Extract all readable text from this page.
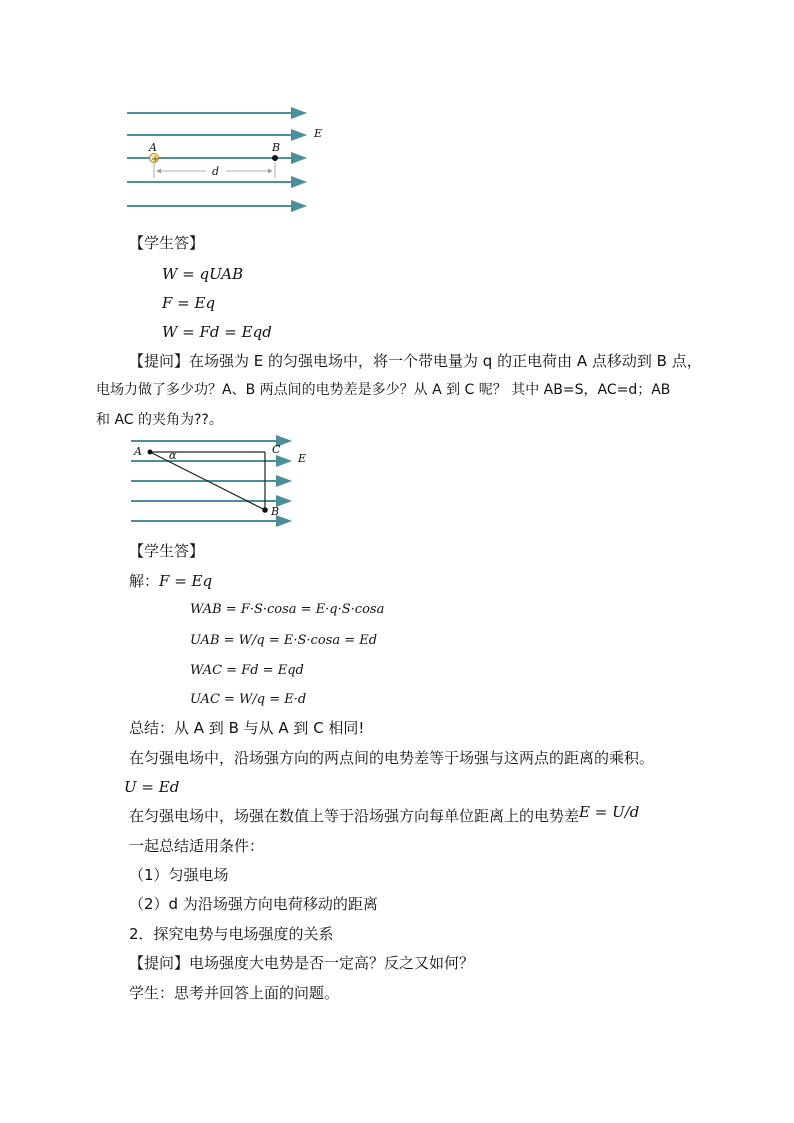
E
A	B
+
d
A	C
E
B
α
【学生答】
W = qUAB
F = Eq
W = Fd = Eqd
【提问】在场强为 E 的匀强电场中，将一个带电量为 q 的正电荷由 A 点移动到 B 点，
电场力做了多少功？A、B 两点间的电势差是多少？从 A 到 C 呢？ 其中 AB=S，AC=d；AB
和 AC 的夹角为??。
【学生答】
解：F = Eq
WAB = F·S·cosa = E·q·S·cosa
UAB = W/q = E·S·cosa = Ed
WAC = Fd = Eqd
UAC = W/q = E·d
总结：从 A 到 B 与从 A 到 C 相同!
在匀强电场中，沿场强方向的两点间的电势差等于场强与这两点的距离的乘积。
U = Ed
在匀强电场中，场强在数值上等于沿场强方向每单位距离上的电势差E = U/d
一起总结适用条件：
（1）匀强电场
（2）d 为沿场强方向电荷移动的距离
2．探究电势与电场强度的关系
【提问】电场强度大电势是否一定高？反之又如何？
学生：思考并回答上面的问题。
